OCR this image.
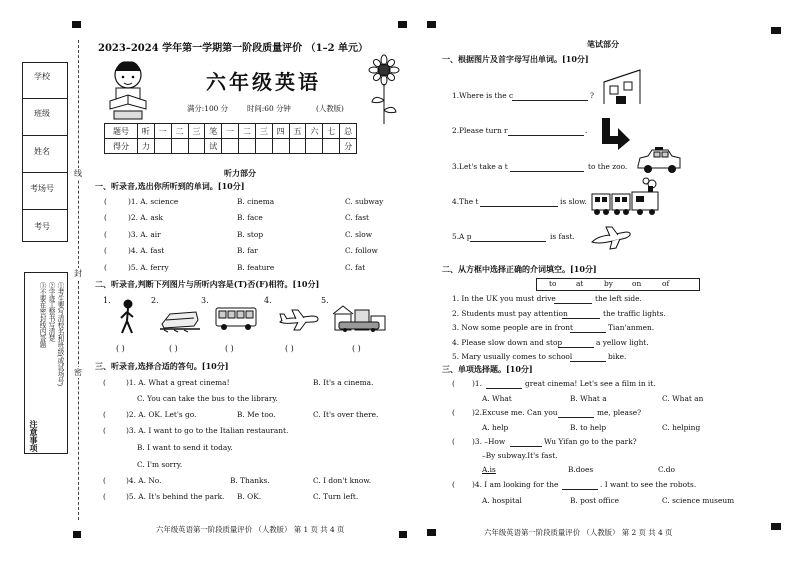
学校
班级
姓名
考场号
考号
线
封
密
注意事项
①考生要写清校名和班级(或试场号)
②字迹工整书写清楚
③不要在密封线内答题
2023–2024 学年第一学期第一阶段质量评价 （1–2 单元）
六年级英语
满分:100 分	时间:60 分钟	(人教版)
题号	听	一	二	三	笔	一	二	三	四	五	六	七	总
得分	力				试								分
听力部分
一、听录音,选出你所听到的单词。[10分]
(	)1. A. science	B. cinema	C. subway
(	)2. A. ask	B. face	C. fast
(	)3. A. air	B. stop	C. slow
(	)4. A. fast	B. far	C. follow
(	)5. A. ferry	B. feature	C. fat
二、听录音,判断下列图片与所听内容是(T)否(F)相符。[10分]
1.	2.	3.	4.	5.
( )	( )	( )	( )	( )
三、听录音,选择合适的答句。[10分]
(	)1. A. What a great cinema!	B. It's a cinema.
C. You can take the bus to the library.
(	)2. A. OK. Let's go.	B. Me too.	C. It's over there.
(	)3. A. I want to go to the Italian restaurant.
B. I want to send it today.
C. I'm sorry.
(	)4. A. No.	B. Thanks.	C. I don't know.
(	)5. A. It's behind the park. B. OK.	C. Turn left.
六年级英语第一阶段质量评价 （人教版） 第 1 页 共 4 页
笔试部分
一、根据图片及首字母写出单词。[10分]
1.Where is the c	?
2.Please turn r	.
3.Let's take a t	to the zoo.
4.The t	is slow.
5.A p	is fast.
二、从方框中选择正确的介词填空。[10分]
to	at	by	on	of
1. In the UK you must drive	the left side.
2. Students must pay attention	the traffic lights.
3. Now some people are in front	Tian'anmen.
4. Please slow down and stop	a yellow light.
5. Mary usually comes to school	bike.
三、单项选择题。[10分]
( )1.	great cinema! Let's see a film in it.
A. What	B. What a	C. What an
( )2.Excuse me. Can you	me, please?
A. help	B. to help	C. helping
( )3. –How	Wu Yifan go to the park?
–By subway.It's fast.
A.is	B.does	C.do
( )4. I am looking for the	. I want to see the robots.
A. hospital	B. post office	C. science museum
六年级英语第一阶段质量评价 （人教版） 第 2 页 共 4 页
